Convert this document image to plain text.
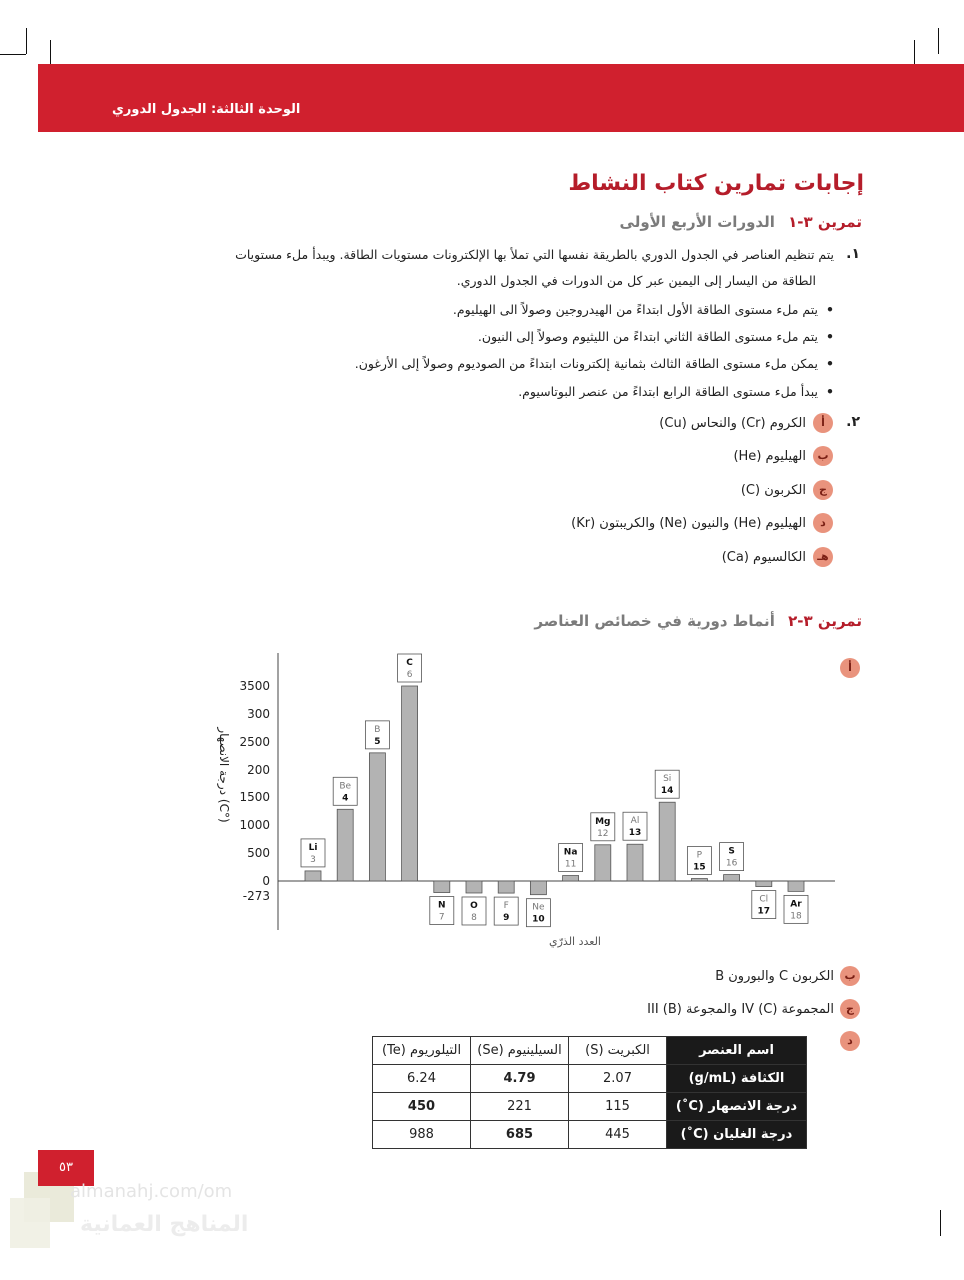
الوحدة الثالثة: الجدول الدوري
إجابات تمارين كتاب النشاط
تمرين ٣-١ الدورات الأربع الأولى
١.
يتم تنظيم العناصر في الجدول الدوري بالطريقة نفسها التي تملأ بها الإلكترونات مستويات الطاقة. ويبدأ ملء مستويات
الطاقة من اليسار إلى اليمين عبر كل من الدورات في الجدول الدوري.
• يتم ملء مستوى الطاقة الأول ابتداءً من الهيدروجين وصولاً الى الهيليوم.
• يتم ملء مستوى الطاقة الثاني ابتداءً من الليثيوم وصولاً إلى النيون.
• يمكن ملء مستوى الطاقة الثالث بثمانية إلكترونات ابتداءً من الصوديوم وصولاً إلى الأرغون.
• يبدأ ملء مستوى الطاقة الرابع ابتداءً من عنصر البوتاسيوم.
٢.
أ
الكروم (Cr) والنحاس (Cu)
ب
الهيليوم (He)
ج
الكربون (C)
د
الهيليوم (He) والنيون (Ne) والكريبتون (Kr)
هـ
الكالسيوم (Ca)
تمرين ٣-٢ أنماط دورية في خصائص العناصر
أ
درجة الانصهار (C°)
العدد الذرّي
3500
300
2500
200
1500
1000
500
0
-273
Li
3
Be
4
B
5
C
6
N
7
O
8
F
9
Ne
10
Na
11
Mg
12
Al
13
Si
14
P
15
S
16
Cl
17
Ar
18
ب
الكربون C والبورون B
ج
المجموعة IV (C) والمجوعة III (B)
د
اسم العنصر	الكبريت (S)	السيلينيوم (Se)	التيلوريوم (Te)
الكثافة (g/mL)	2.07	4.79	6.24
درجة الانصهار (C˚)	115	221	450
درجة الغليان (C˚)	445	685	988
٥٣
almanahj.com/om
المناهج العمانية
